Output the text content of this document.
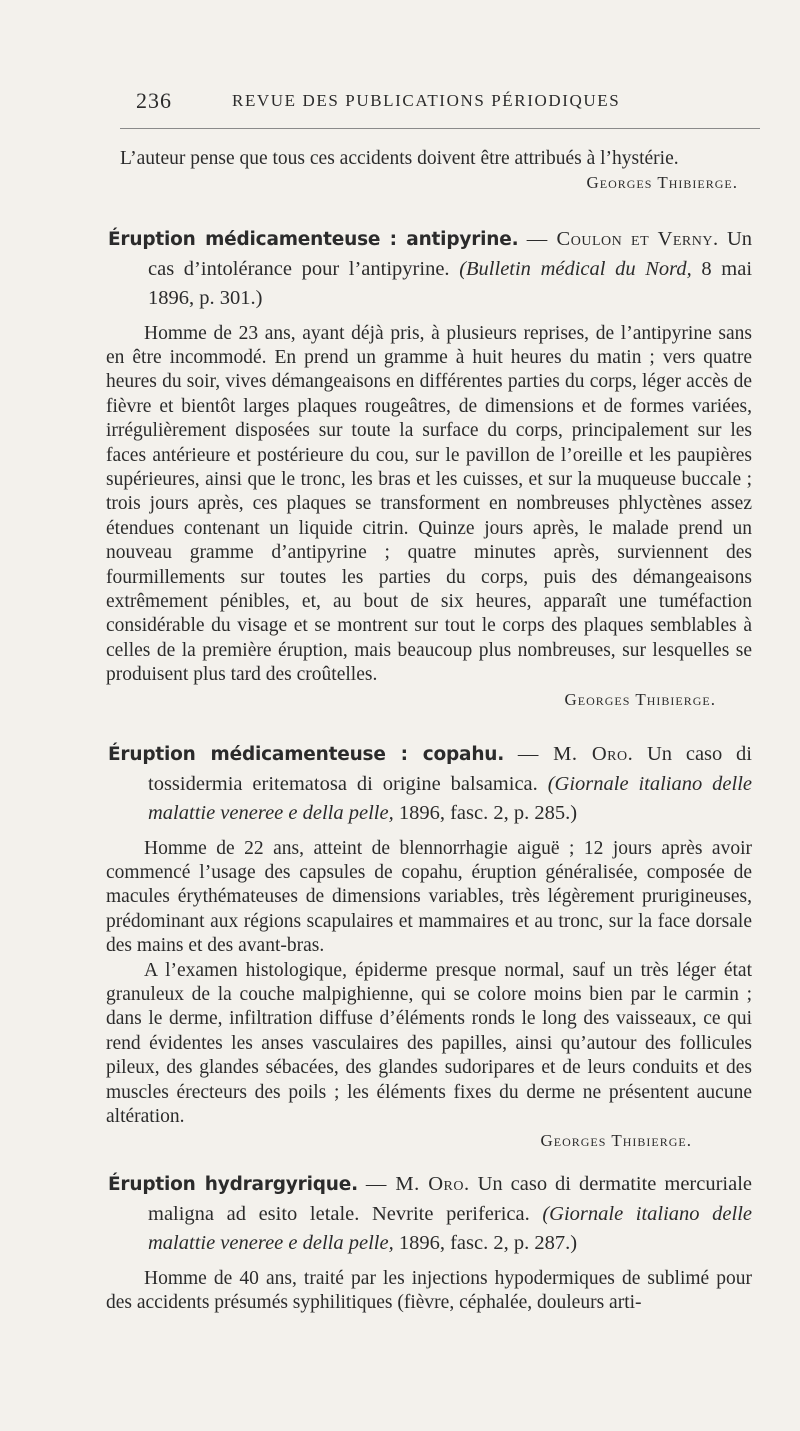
236	REVUE DES PUBLICATIONS PÉRIODIQUES

L’auteur pense que tous ces accidents doivent être attribués à l’hystérie.

Georges Thibierge.

Éruption médicamenteuse : antipyrine. — Coulon et Verny. Un cas d’intolérance pour l’antipyrine. (Bulletin médical du Nord, 8 mai 1896, p. 301.)

Homme de 23 ans, ayant déjà pris, à plusieurs reprises, de l’antipyrine sans en être incommodé. En prend un gramme à huit heures du matin ; vers quatre heures du soir, vives démangeaisons en différentes parties du corps, léger accès de fièvre et bientôt larges plaques rougeâtres, de dimensions et de formes variées, irrégulièrement disposées sur toute la surface du corps, principalement sur les faces antérieure et postérieure du cou, sur le pavillon de l’oreille et les paupières supérieures, ainsi que le tronc, les bras et les cuisses, et sur la muqueuse buccale ; trois jours après, ces plaques se transforment en nombreuses phlyctènes assez étendues contenant un liquide citrin. Quinze jours après, le malade prend un nouveau gramme d’antipyrine ; quatre minutes après, surviennent des fourmillements sur toutes les parties du corps, puis des démangeaisons extrêmement pénibles, et, au bout de six heures, apparaît une tuméfaction considérable du visage et se montrent sur tout le corps des plaques semblables à celles de la première éruption, mais beaucoup plus nombreuses, sur lesquelles se produisent plus tard des croûtelles.

Georges Thibierge.

Éruption médicamenteuse : copahu. — M. Oro. Un caso di tossidermia eritematosa di origine balsamica. (Giornale italiano delle malattie veneree e della pelle, 1896, fasc. 2, p. 285.)

Homme de 22 ans, atteint de blennorrhagie aiguë ; 12 jours après avoir commencé l’usage des capsules de copahu, éruption généralisée, composée de macules érythémateuses de dimensions variables, très légèrement prurigineuses, prédominant aux régions scapulaires et mammaires et au tronc, sur la face dorsale des mains et des avant-bras.

A l’examen histologique, épiderme presque normal, sauf un très léger état granuleux de la couche malpighienne, qui se colore moins bien par le carmin ; dans le derme, infiltration diffuse d’éléments ronds le long des vaisseaux, ce qui rend évidentes les anses vasculaires des papilles, ainsi qu’autour des follicules pileux, des glandes sébacées, des glandes sudoripares et de leurs conduits et des muscles érecteurs des poils ; les éléments fixes du derme ne présentent aucune altération.

Georges Thibierge.

Éruption hydrargyrique. — M. Oro. Un caso di dermatite mercuriale maligna ad esito letale. Nevrite periferica. (Giornale italiano delle malattie veneree e della pelle, 1896, fasc. 2, p. 287.)

Homme de 40 ans, traité par les injections hypodermiques de sublimé pour des accidents présumés syphilitiques (fièvre, céphalée, douleurs arti-
